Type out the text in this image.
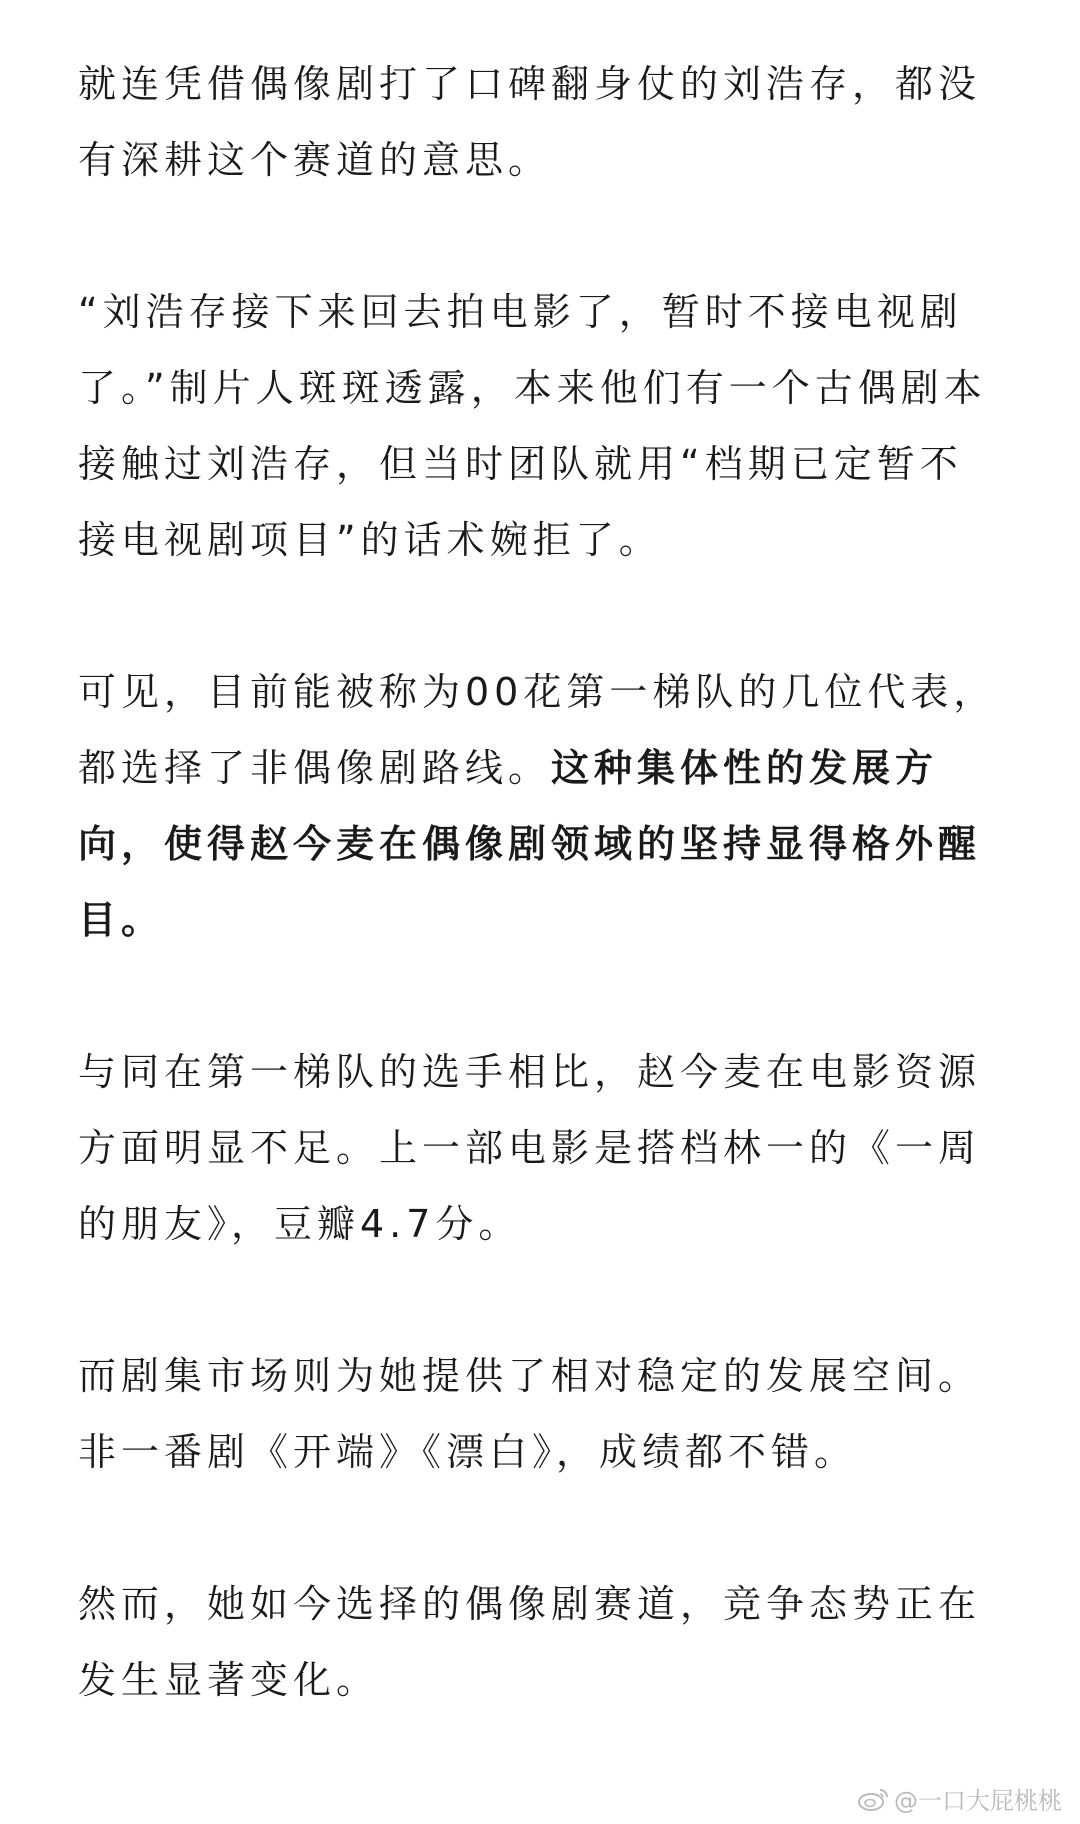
就连凭借偶像剧打了口碑翻身仗的刘浩存，都没有深耕这个赛道的意思。

“刘浩存接下来回去拍电影了，暂时不接电视剧了。”制片人斑斑透露，本来他们有一个古偶剧本接触过刘浩存，但当时团队就用“档期已定暂不接电视剧项目”的话术婉拒了。

可见，目前能被称为00花第一梯队的几位代表，都选择了非偶像剧路线。这种集体性的发展方向，使得赵今麦在偶像剧领域的坚持显得格外醒目。

与同在第一梯队的选手相比，赵今麦在电影资源方面明显不足。上一部电影是搭档林一的《一周的朋友》，豆瓣4.7分。

而剧集市场则为她提供了相对稳定的发展空间。非一番剧《开端》《漂白》，成绩都不错。

然而，她如今选择的偶像剧赛道，竞争态势正在发生显著变化。

@一口大屁桃桃
